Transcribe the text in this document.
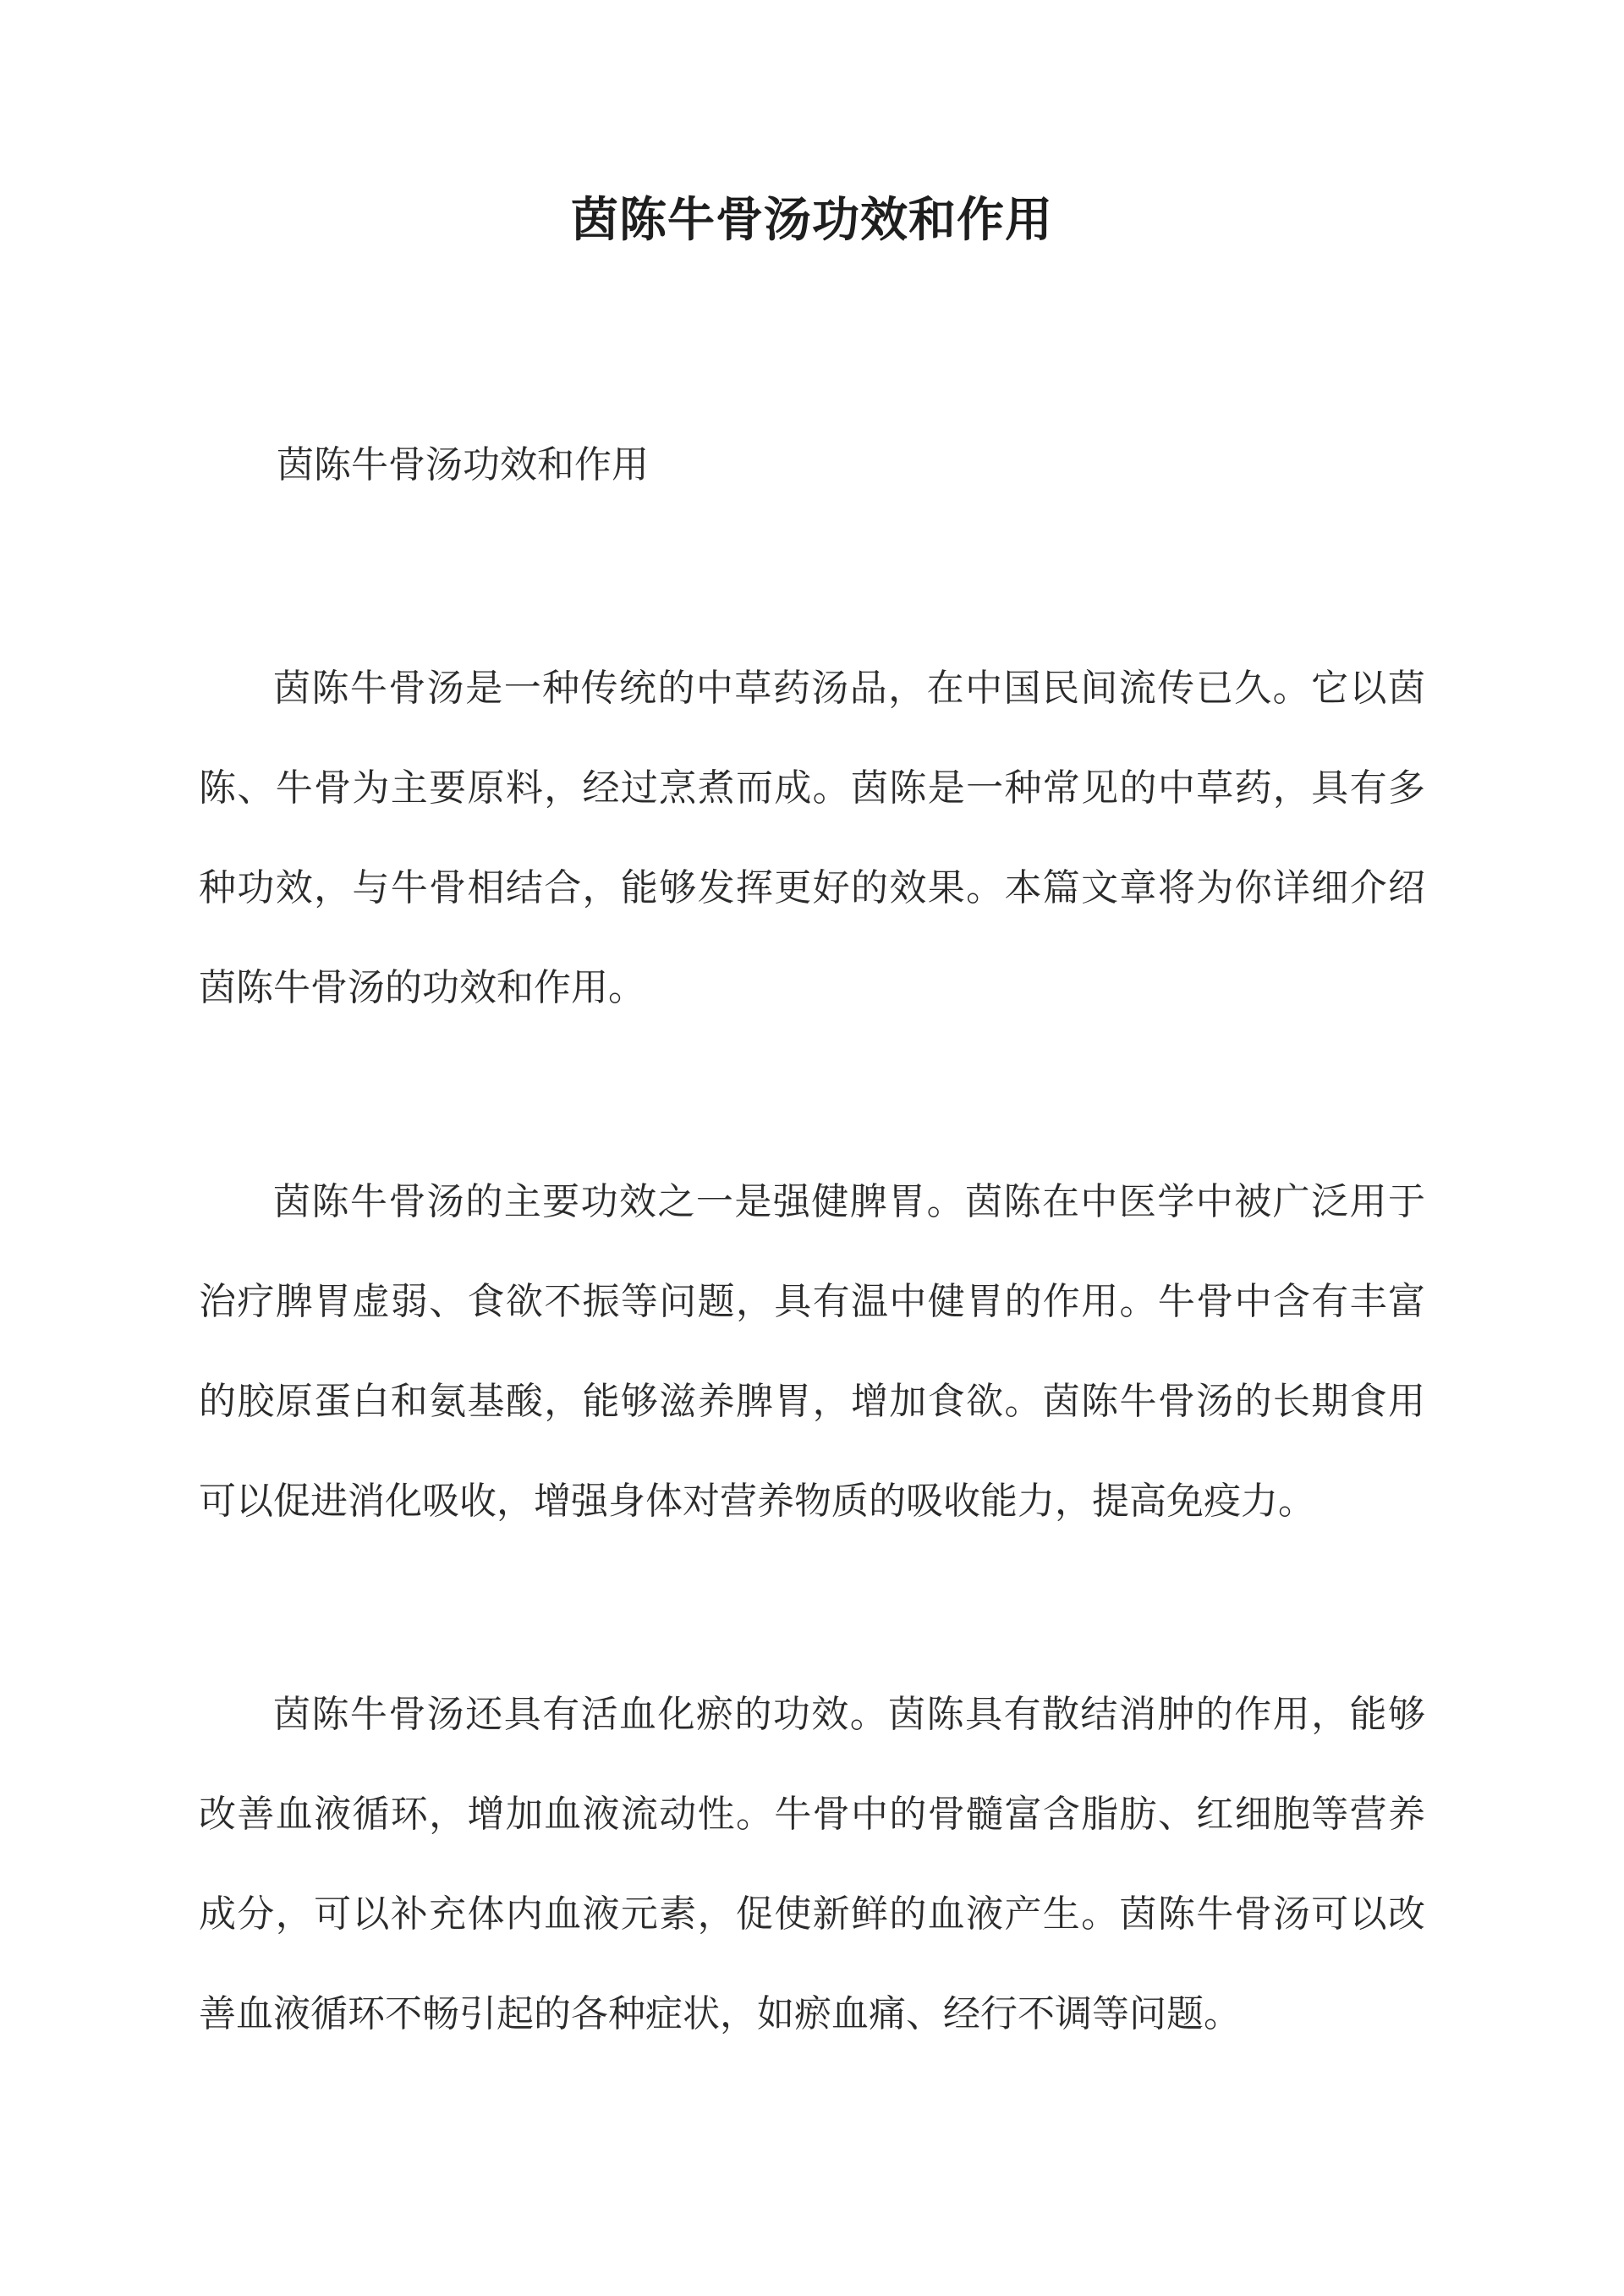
茵陈牛骨汤功效和作用
茵陈牛骨汤功效和作用

茵陈牛骨汤是一种传统的中草药汤品，在中国民间流传已久。它以茵陈、牛骨为主要原料，经过烹煮而成。茵陈是一种常见的中草药，具有多种功效，与牛骨相结合，能够发挥更好的效果。本篇文章将为你详细介绍茵陈牛骨汤的功效和作用。

茵陈牛骨汤的主要功效之一是强健脾胃。茵陈在中医学中被广泛用于治疗脾胃虚弱、食欲不振等问题，具有温中健胃的作用。牛骨中含有丰富的胶原蛋白和氨基酸，能够滋养脾胃，增加食欲。茵陈牛骨汤的长期食用可以促进消化吸收，增强身体对营养物质的吸收能力，提高免疫力。

茵陈牛骨汤还具有活血化瘀的功效。茵陈具有散结消肿的作用，能够改善血液循环，增加血液流动性。牛骨中的骨髓富含脂肪、红细胞等营养成分，可以补充体内血液元素，促使新鲜的血液产生。茵陈牛骨汤可以改善血液循环不畅引起的各种症状，如瘀血痛、经行不调等问题。
